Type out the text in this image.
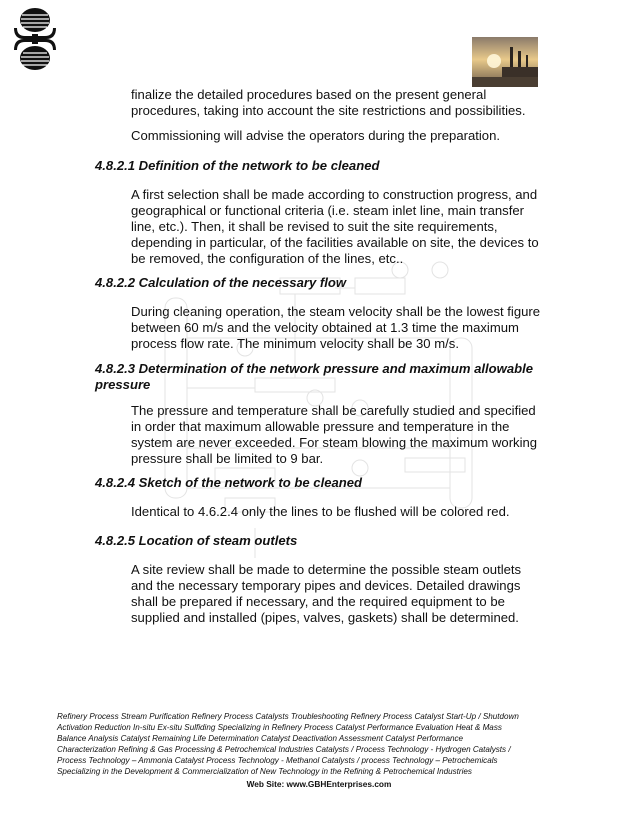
finalize the detailed procedures based on the present general procedures, taking into account the site restrictions and possibilities.

Commissioning will advise the operators during the preparation.

4.8.2.1 Definition of the network to be cleaned

A first selection shall be made according to construction progress, and geographical or functional criteria (i.e. steam inlet line, main transfer line, etc.). Then, it shall be revised to suit the site requirements, depending in particular, of the facilities available on site, the devices to be removed, the configuration of the lines, etc..

4.8.2.2 Calculation of the necessary flow

During cleaning operation, the steam velocity shall be the lowest figure between 60 m/s and the velocity obtained at 1.3 time the maximum process flow rate. The minimum velocity shall be 30 m/s.

4.8.2.3 Determination of the network pressure and maximum allowable pressure

The pressure and temperature shall be carefully studied and specified in order that maximum allowable pressure and temperature in the system are never exceeded. For steam blowing the maximum working pressure shall be limited to 9 bar.

4.8.2.4 Sketch of the network to be cleaned

Identical to 4.6.2.4 only the lines to be flushed will be colored red.

4.8.2.5 Location of steam outlets

A site review shall be made to determine the possible steam outlets and the necessary temporary pipes and devices. Detailed drawings shall be prepared if necessary, and the required equipment to be supplied and installed (pipes, valves, gaskets) shall be determined.

Refinery Process Stream Purification Refinery Process Catalysts Troubleshooting Refinery Process Catalyst Start-Up / Shutdown
Activation Reduction In-situ Ex-situ Sulfiding Specializing in Refinery Process Catalyst Performance Evaluation Heat & Mass
Balance Analysis Catalyst Remaining Life Determination Catalyst Deactivation Assessment Catalyst Performance
Characterization Refining & Gas Processing & Petrochemical Industries Catalysts / Process Technology - Hydrogen Catalysts /
Process Technology – Ammonia Catalyst Process Technology - Methanol Catalysts / process Technology – Petrochemicals
Specializing in the Development & Commercialization of New Technology in the Refining & Petrochemical Industries
Web Site: www.GBHEnterprises.com
